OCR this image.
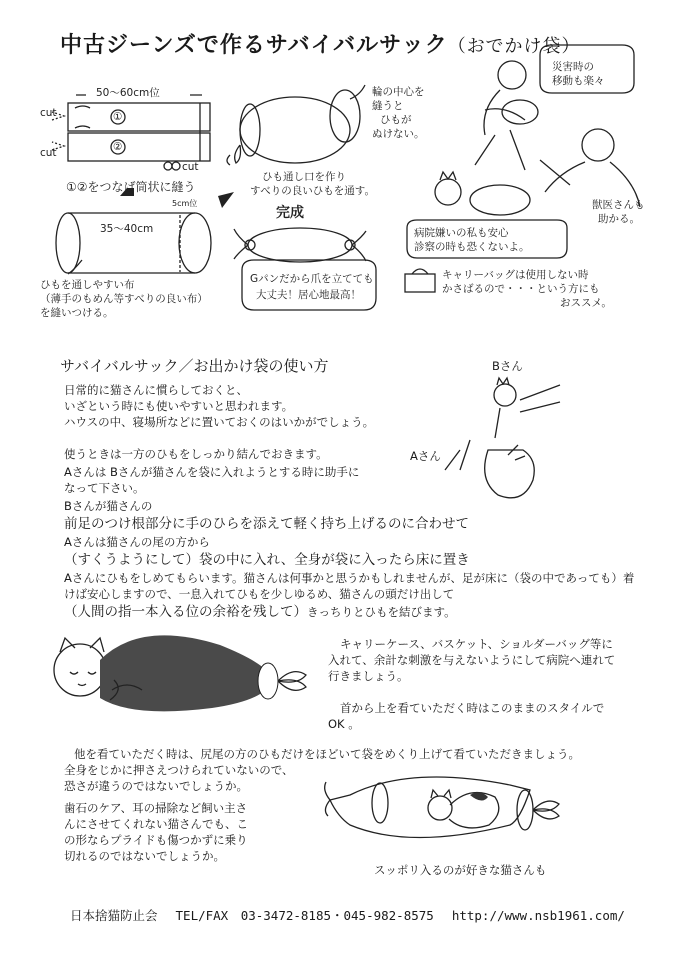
中古ジーンズで作るサバイバルサック（おでかけ袋）
cut
cut
cut
50～60cm位
①
②
①②をつなげ筒状に縫う
5cm位
35～40cm
ひもを通しやすい布
（薄手のもめん等すべりの良い布）
を縫いつける。
輪の中心を
縫うと
ひもが
ぬけない。
ひも通し口を作り
すべりの良いひもを通す。
完成
Gパンだから爪を立てても
大丈夫！居心地最高！
災害時の
移動も楽々
獣医さんも
助かる。
病院嫌いの私も安心
診察の時も恐くないよ。
キャリーバッグは使用しない時
かさばるので・・・という方にも
おススメ。
サバイバルサック／お出かけ袋の使い方	Bさん
Aさん
日常的に猫さんに慣らしておくと、
いざという時にも使いやすいと思われます。
ハウスの中、寝場所などに置いておくのはいかがでしょう。
使うときは一方のひもをしっかり結んでおきます。
Aさんは Bさんが猫さんを袋に入れようとする時に助手に
なって下さい。
Bさんが猫さんの
前足のつけ根部分に手のひらを添えて軽く持ち上げるのに合わせて
Aさんは猫さんの尾の方から
（すくうようにして）袋の中に入れ、全身が袋に入ったら床に置き
Aさんにひもをしめてもらいます。猫さんは何事かと思うかもしれませんが、足が床に（袋の中であっても）着けば安心しますので、一息入れてひもを少しゆるめ、猫さんの頭だけ出して
（人間の指一本入る位の余裕を残して）きっちりとひもを結びます。
キャリーケース、バスケット、ショルダーバッグ等に
入れて、余計な刺激を与えないようにして病院へ連れて
行きましょう。
首から上を看ていただく時はこのままのスタイルで
OK 。
他を看ていただく時は、尻尾の方のひもだけをほどいて袋をめくり上げて看ていただきましょう。
全身をじかに押さえつけられていないので、
恐さが違うのではないでしょうか。
歯石のケア、耳の掃除など飼い主さ
んにさせてくれない猫さんでも、こ
の形ならプライドも傷つかずに乗り
切れるのではないでしょうか。
スッポリ入るのが好きな猫さんも
日本捨猫防止会 TEL/FAX　03-3472-8185・045-982-8575 http://www.nsb1961.com/
